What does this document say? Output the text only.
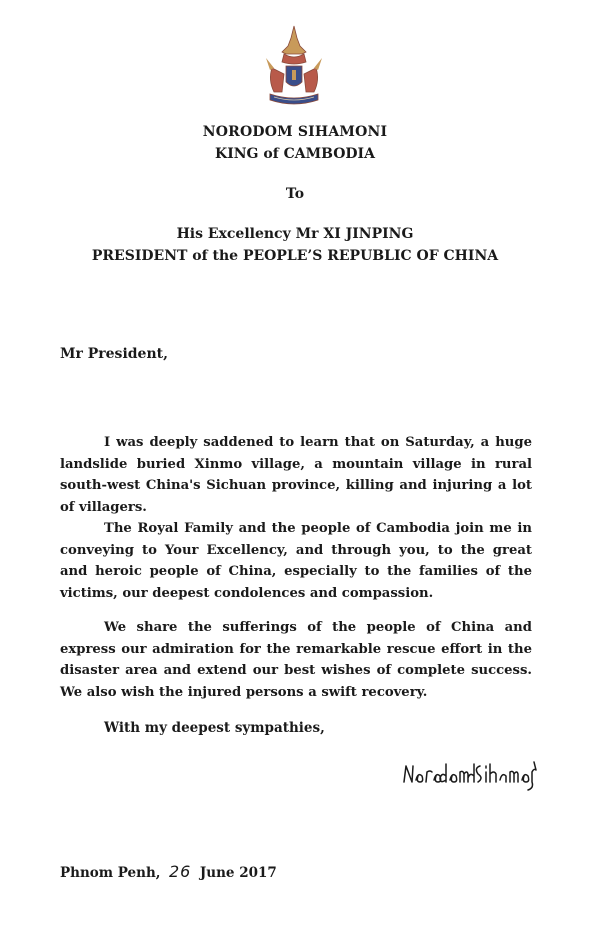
NORODOM SIHAMONI
KING of CAMBODIA
To
His Excellency Mr XI JINPING
PRESIDENT of the PEOPLE’S REPUBLIC OF CHINA
Mr President,

I was deeply saddened to learn that on Saturday, a huge landslide buried Xinmo village, a mountain village in rural south-west China's Sichuan province, killing and injuring a lot of villagers.

The Royal Family and the people of Cambodia join me in conveying to Your Excellency, and through you, to the great and heroic people of China, especially to the families of the victims, our deepest condolences and compassion.

We share the sufferings of the people of China and express our admiration for the remarkable rescue effort in the disaster area and extend our best wishes of complete success. We also wish the injured persons a swift recovery.

With my deepest sympathies,
Phnom Penh, 26 June 2017
